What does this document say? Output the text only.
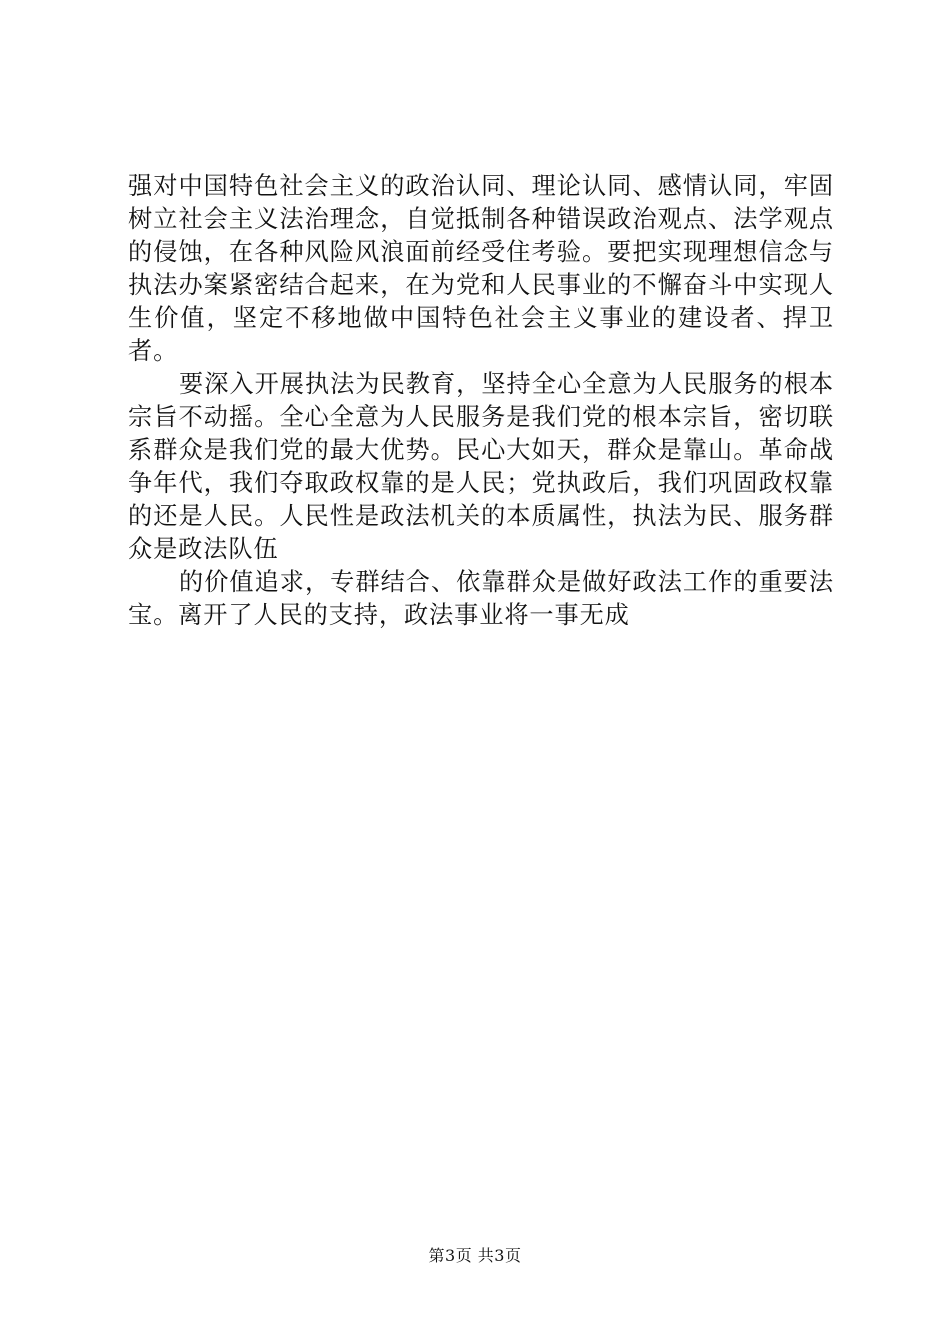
强对中国特色社会主义的政治认同、理论认同、感情认同，牢固树立社会主义法治理念，自觉抵制各种错误政治观点、法学观点的侵蚀，在各种风险风浪面前经受住考验。要把实现理想信念与执法办案紧密结合起来，在为党和人民事业的不懈奋斗中实现人生价值，坚定不移地做中国特色社会主义事业的建设者、捍卫者。

要深入开展执法为民教育，坚持全心全意为人民服务的根本宗旨不动摇。全心全意为人民服务是我们党的根本宗旨，密切联系群众是我们党的最大优势。民心大如天，群众是靠山。革命战争年代，我们夺取政权靠的是人民；党执政后，我们巩固政权靠的还是人民。人民性是政法机关的本质属性，执法为民、服务群众是政法队伍

的价值追求，专群结合、依靠群众是做好政法工作的重要法宝。离开了人民的支持，政法事业将一事无成

第3页 共3页
